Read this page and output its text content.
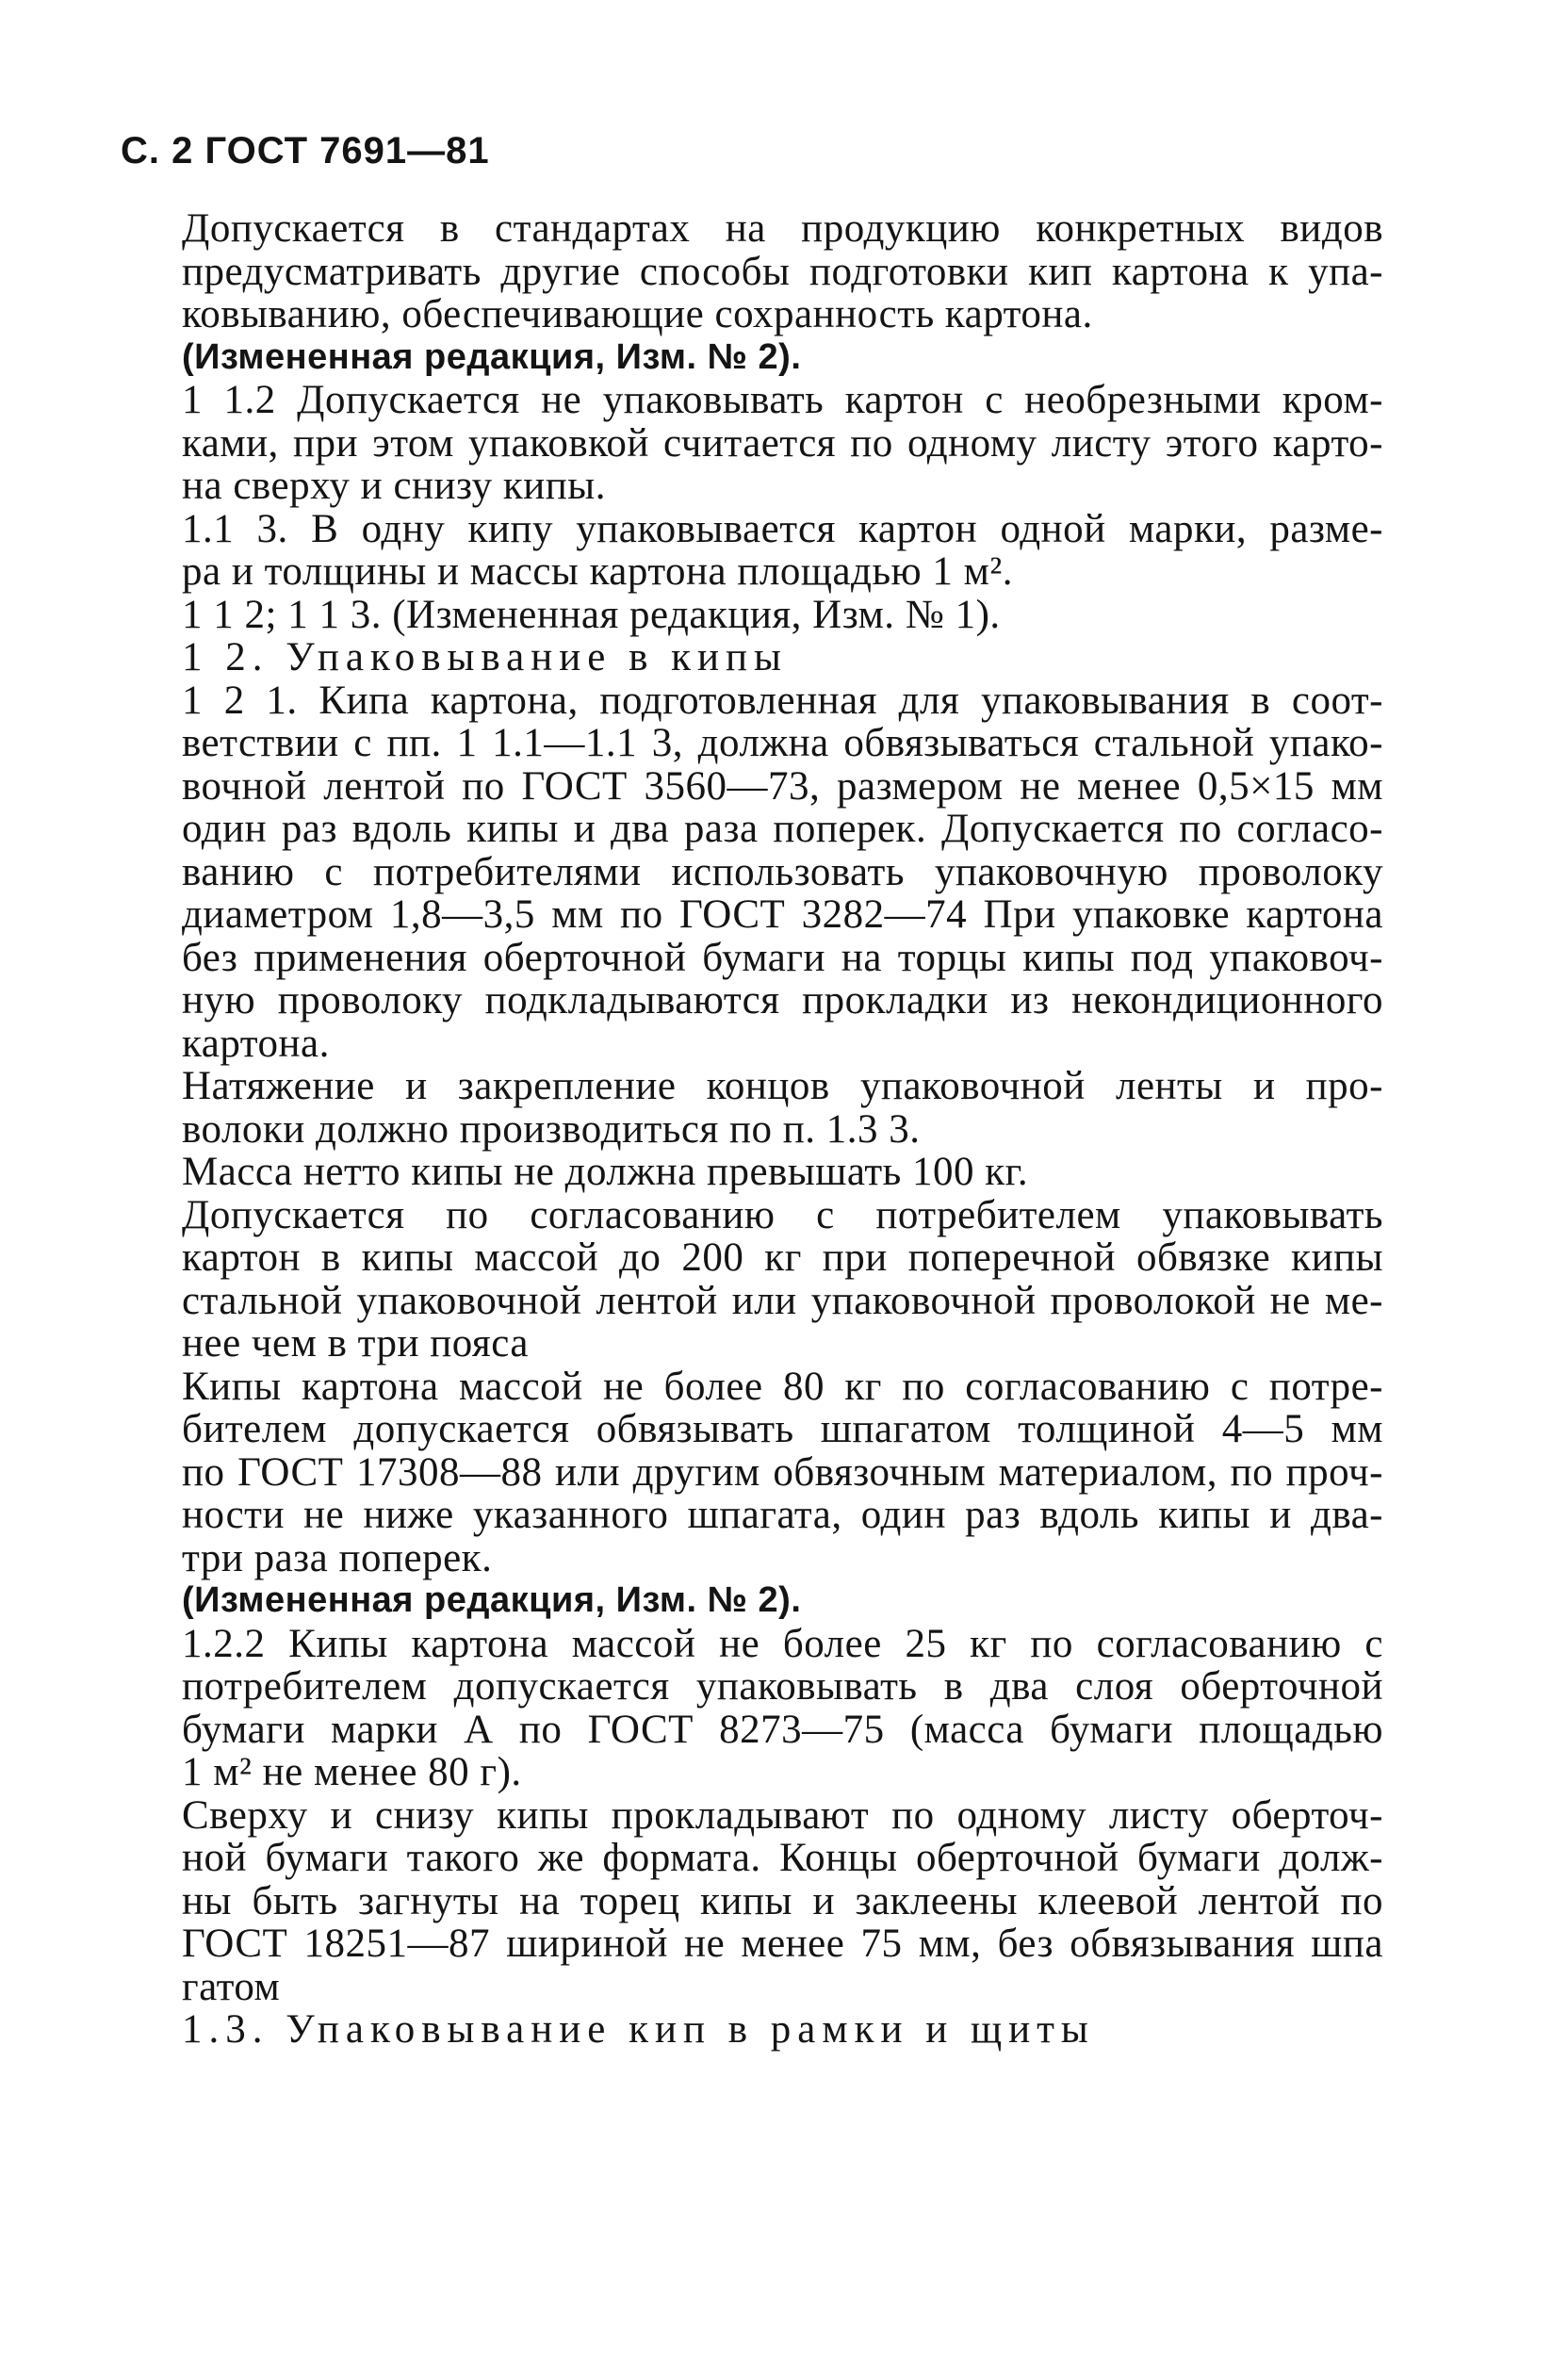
С. 2 ГОСТ 7691—81
Допускается в стандартах на продукцию конкретных видов
предусматривать другие способы подготовки кип картона к упа-
ковыванию, обеспечивающие сохранность картона.
(Измененная редакция, Изм. № 2).
1 1.2 Допускается не упаковывать картон с необрезными кром-
ками, при этом упаковкой считается по одному листу этого карто-
на сверху и снизу кипы.
1.1 3. В одну кипу упаковывается картон одной марки, разме-
ра и толщины и массы картона площадью 1 м².
1 1 2; 1 1 3. (Измененная редакция, Изм. № 1).
1 2. Упаковывание в кипы
1 2 1. Кипа картона, подготовленная для упаковывания в соот-
ветствии с пп. 1 1.1—1.1 3, должна обвязываться стальной упако-
вочной лентой по ГОСТ 3560—73, размером не менее 0,5×15 мм
один раз вдоль кипы и два раза поперек. Допускается по согласо-
ванию с потребителями использовать упаковочную проволоку
диаметром 1,8—3,5 мм по ГОСТ 3282—74 При упаковке картона
без применения оберточной бумаги на торцы кипы под упаковоч-
ную проволоку подкладываются прокладки из некондиционного
картона.
Натяжение и закрепление концов упаковочной ленты и про-
волоки должно производиться по п. 1.3 3.
Масса нетто кипы не должна превышать 100 кг.
Допускается по согласованию с потребителем упаковывать
картон в кипы массой до 200 кг при поперечной обвязке кипы
стальной упаковочной лентой или упаковочной проволокой не ме-
нее чем в три пояса
Кипы картона массой не более 80 кг по согласованию с потре-
бителем допускается обвязывать шпагатом толщиной 4—5 мм
по ГОСТ 17308—88 или другим обвязочным материалом, по проч-
ности не ниже указанного шпагата, один раз вдоль кипы и два-
три раза поперек.
(Измененная редакция, Изм. № 2).
1.2.2 Кипы картона массой не более 25 кг по согласованию с
потребителем допускается упаковывать в два слоя оберточной
бумаги марки А по ГОСТ 8273—75 (масса бумаги площадью
1 м² не менее 80 г).
Сверху и снизу кипы прокладывают по одному листу оберточ-
ной бумаги такого же формата. Концы оберточной бумаги долж-
ны быть загнуты на торец кипы и заклеены клеевой лентой по
ГОСТ 18251—87 шириной не менее 75 мм, без обвязывания шпа
гатом
1.3. Упаковывание кип в рамки и щиты
